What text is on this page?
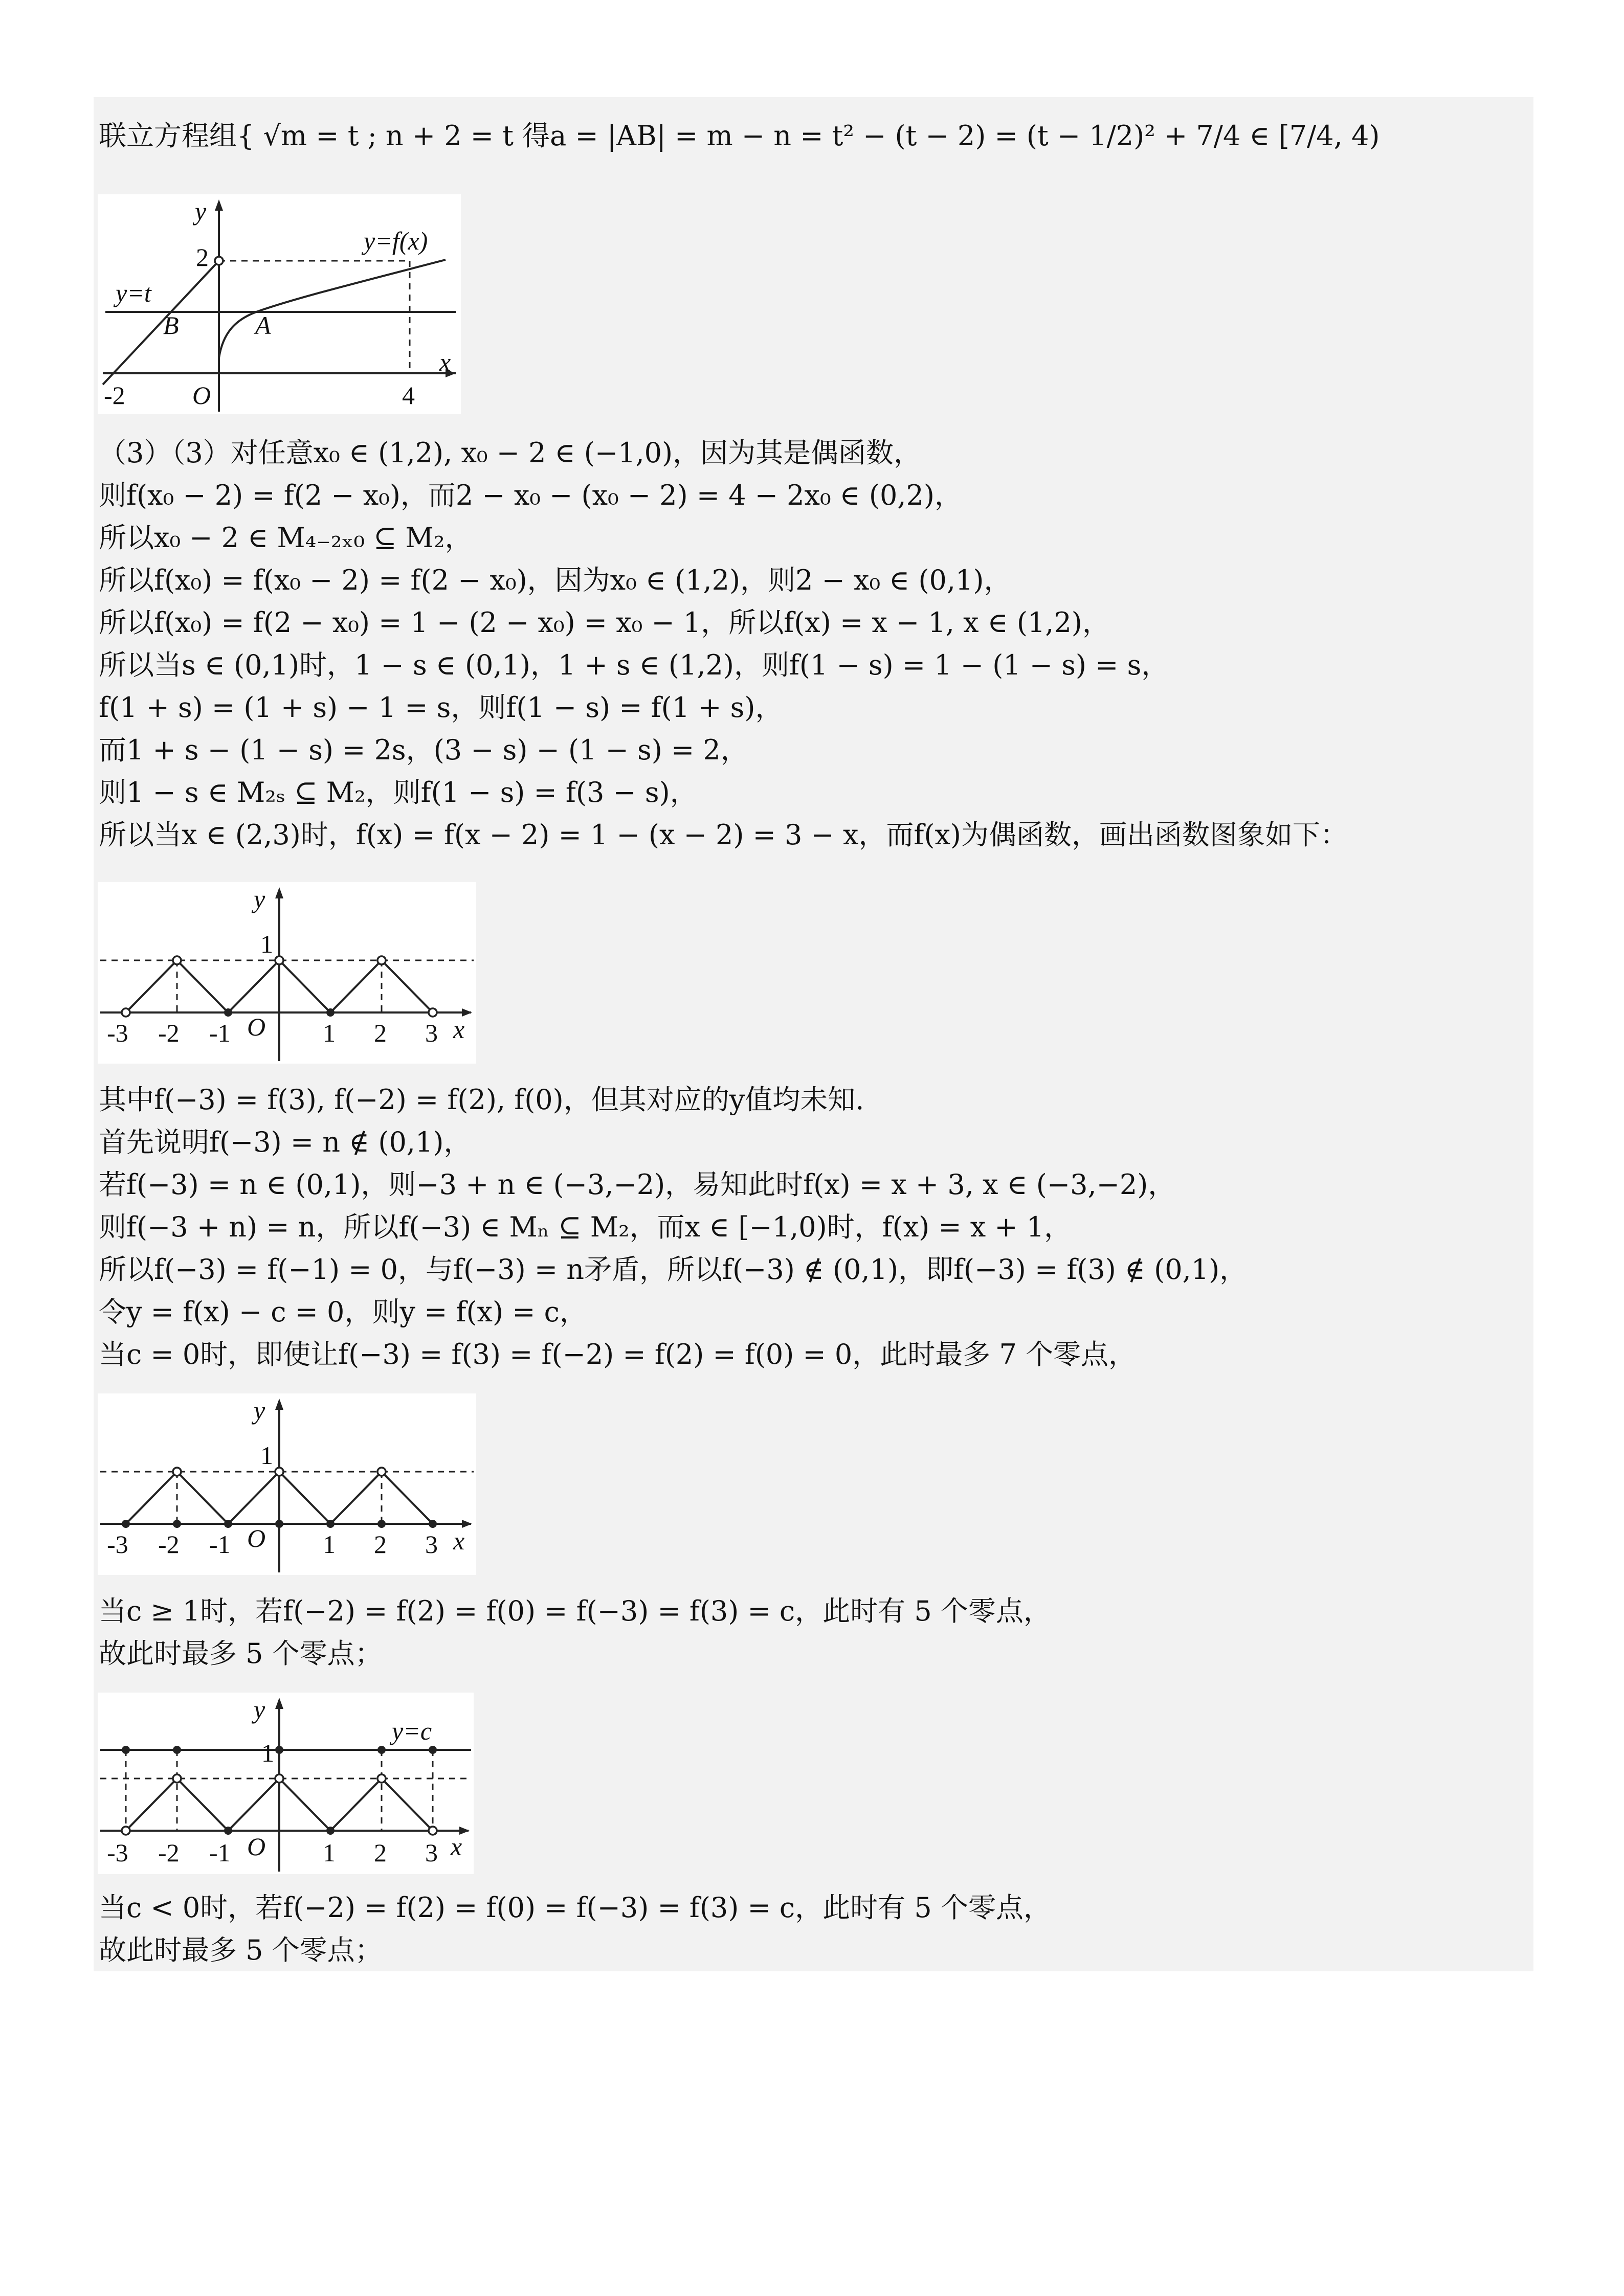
联立方程组{ √m = t ; n + 2 = t 得a = |AB| = m − n = t² − (t − 2) = (t − 1/2)² + 7/4 ∈ [7/4, 4)
y
x
y=f(x)
y=t
2
B	A
-2	O	4
（3）（3）对任意x₀ ∈ (1,2), x₀ − 2 ∈ (−1,0)，因为其是偶函数，
则f(x₀ − 2) = f(2 − x₀)，而2 − x₀ − (x₀ − 2) = 4 − 2x₀ ∈ (0,2)，
所以x₀ − 2 ∈ M₄₋₂ₓ₀ ⊆ M₂，
所以f(x₀) = f(x₀ − 2) = f(2 − x₀)，因为x₀ ∈ (1,2)，则2 − x₀ ∈ (0,1)，
所以f(x₀) = f(2 − x₀) = 1 − (2 − x₀) = x₀ − 1，所以f(x) = x − 1, x ∈ (1,2)，
所以当s ∈ (0,1)时，1 − s ∈ (0,1)，1 + s ∈ (1,2)，则f(1 − s) = 1 − (1 − s) = s，
f(1 + s) = (1 + s) − 1 = s，则f(1 − s) = f(1 + s)，
而1 + s − (1 − s) = 2s，(3 − s) − (1 − s) = 2，
则1 − s ∈ M₂ₛ ⊆ M₂，则f(1 − s) = f(3 − s)，
所以当x ∈ (2,3)时，f(x) = f(x − 2) = 1 − (x − 2) = 3 − x，而f(x)为偶函数，画出函数图象如下：
y
x
1
O
-3 -2 -1	1 2 3
其中f(−3) = f(3), f(−2) = f(2), f(0)，但其对应的y值均未知.
首先说明f(−3) = n ∉ (0,1)，
若f(−3) = n ∈ (0,1)，则−3 + n ∈ (−3,−2)，易知此时f(x) = x + 3, x ∈ (−3,−2)，
则f(−3 + n) = n，所以f(−3) ∈ Mₙ ⊆ M₂，而x ∈ [−1,0)时，f(x) = x + 1，
所以f(−3) = f(−1) = 0，与f(−3) = n矛盾，所以f(−3) ∉ (0,1)，即f(−3) = f(3) ∉ (0,1)，
令y = f(x) − c = 0，则y = f(x) = c，
当c = 0时，即使让f(−3) = f(3) = f(−2) = f(2) = f(0) = 0，此时最多 7 个零点，
y
x
1
O
-3 -2 -1	1 2 3
当c ≥ 1时，若f(−2) = f(2) = f(0) = f(−3) = f(3) = c，此时有 5 个零点，
故此时最多 5 个零点；
y
x
y=c
1
O
-3 -2 -1	1 2 3
当c < 0时，若f(−2) = f(2) = f(0) = f(−3) = f(3) = c，此时有 5 个零点，
故此时最多 5 个零点；
